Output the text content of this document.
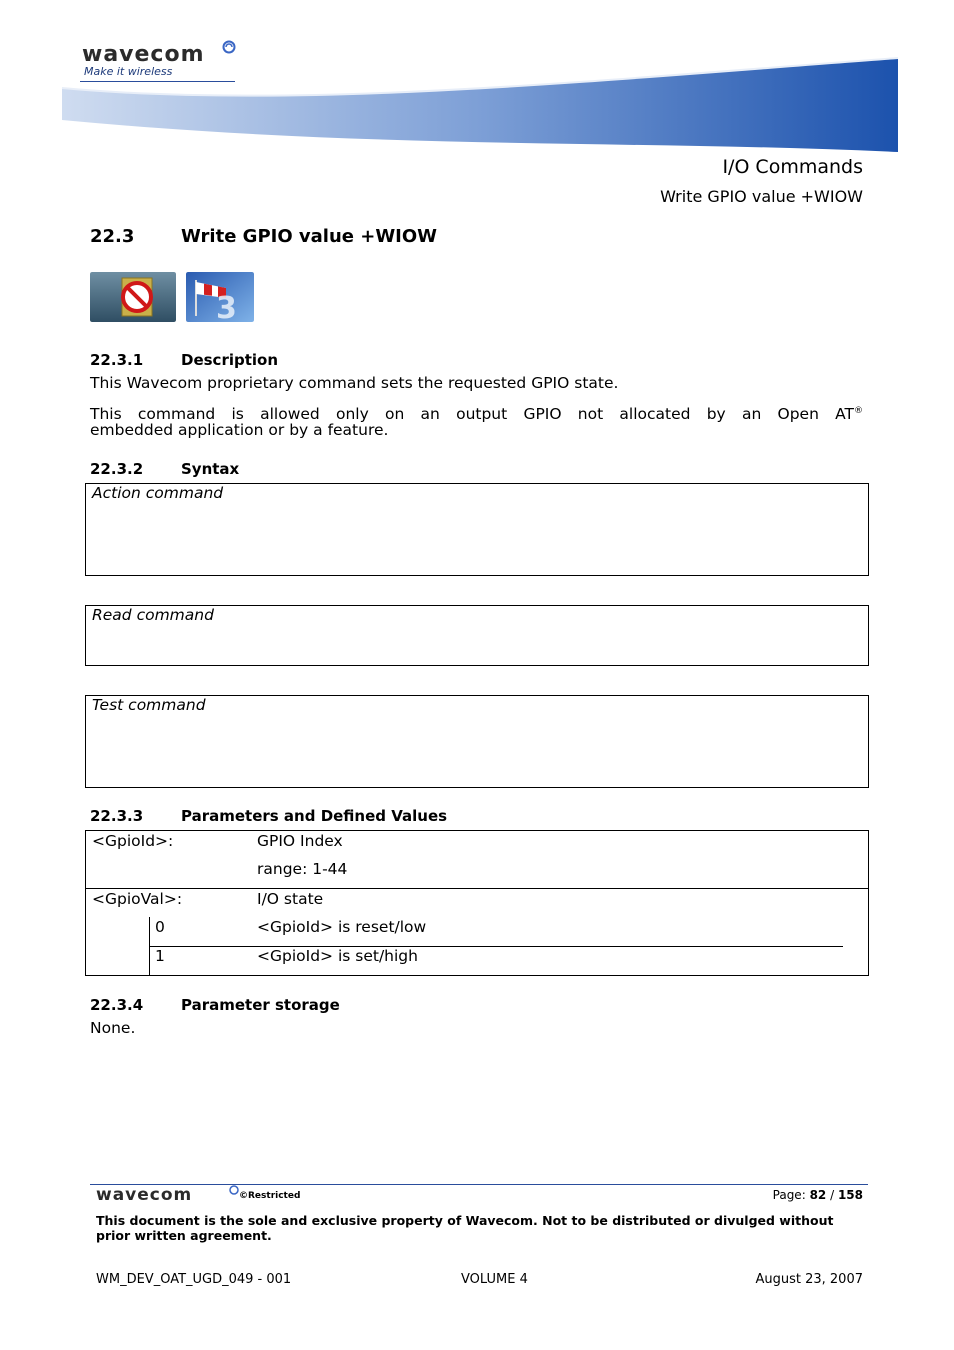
wavecom
Make it wireless
I/O Commands
Write GPIO value +WIOW
22.3	Write GPIO value +WIOW
3
22.3.1	Description
This Wavecom proprietary command sets the requested GPIO state.
This command is allowed only on an output GPIO not allocated by an Open AT®
embedded application or by a feature.
22.3.2	Syntax
Action command
Read command
Test command
22.3.3	Parameters and Defined Values
<GpioId>:	GPIO Index
range: 1-44
<GpioVal>:	I/O state
0	<GpioId> is reset/low
1	<GpioId> is set/high
22.3.4	Parameter storage
None.
wavecom	©Restricted	Page: 82 / 158
This document is the sole and exclusive property of Wavecom. Not to be distributed or divulged without prior written agreement.
WM_DEV_OAT_UGD_049 - 001	VOLUME 4	August 23, 2007
